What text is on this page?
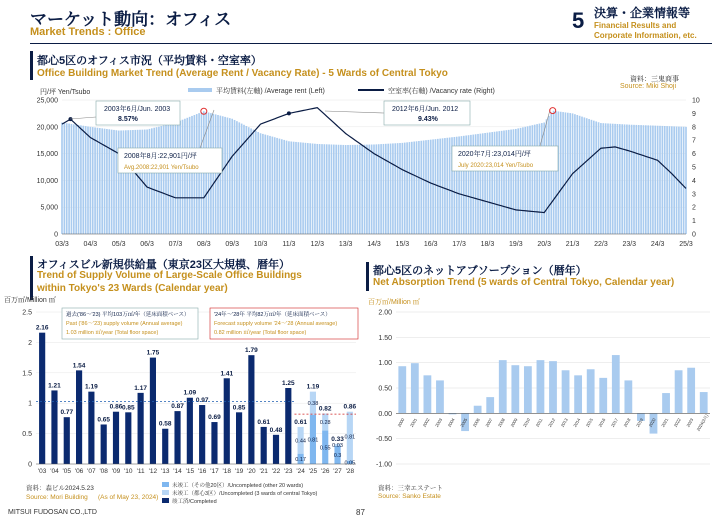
マーケット動向：オフィス
Market Trends : Office	5 決算・企業情報等
Financial Results and
Corporate Information, etc.
都心5区のオフィス市況（平均賃料・空室率）
Office Building Market Trend (Average Rent / Vacancy Rate) - 5 Wards of Central Tokyo
資料：三鬼商事
Source: Miki Shoji
0
5,000
10,000
15,000
20,000
25,000
0
1
2
3
4
5
6
7
8
9
10
03/3 04/3 05/3 06/3 07/3 08/3 09/3 10/3 11/3 12/3 13/3 14/3 15/3 16/3 17/3 18/3 19/3 20/3 21/3 22/3 23/3 24/3 25/3
円/坪 Yen/Tsubo	平均賃料(左軸) /Average rent (Left)	空室率(右軸) /Vacancy rate (Right)
2003年6月/Jun. 2003
8.57%
2012年6月/Jun. 2012
9.43%
2008年8月:22,901円/坪
Avg.2008:22,901 Yen/Tsubo
2020年7月:23,014円/坪
July 2020:23,014 Yen/Tsubo
オフィスビル新規供給量（東京23区大規模、暦年）
Trend of Supply Volume of Large-Scale Office Buildings
within Tokyo's 23 Wards (Calendar year)
都心5区のネットアブソープション（暦年）
Net Absorption Trend (5 wards of Central Tokyo, Calendar year)
百万㎡/Million ㎡
2.16
1.21
0.77
1.54
1.19
0.65
0.86 0.85
1.17
1.75
0.58
0.87
1.09
0.97
0.69
1.41
0.85
1.79
0.61
0.48
1.25
0.17
0.44
0.61
0.81
0.38
1.19
0.55
0.28
0.82
0.3
0.03
0.33
0.05
0.81
0.86
0
0.5
1
1.5
2
2.5
'03 '04 '05 '06 '07 '08 '09 '10 '11 '12 '13 '14 '15 '16 '17 '18 '19 '20 '21 '22 '23 '24 '25 '26 '27 '28
過去('86〜'23) 平均103万㎡/年（延床面積ベース）
Past ('86〜'23) supply volume (Annual average)
1.03 million ㎡/year (Total floor space)
'24年〜'28年 平均82万㎡/年（延床面積ベース）
Forecast supply volume '24〜'28 (Annual average)
0.82 million ㎡/year (Total floor space)
資料：森ビル2024.5.23
Source: Mori Building (As of May 23, 2024)
未竣工（その他20区）/Uncompleted (other 20 wards)
未竣工（都心3区）/Uncompleted (3 wards of central Tokyo)
竣工済/Completed
百万㎡/Million ㎡
-1.00
-0.50
0.00
0.50
1.00
1.50
2.00
2000 2001 2002 2003 2004 2005 2006 2007 2008 2009 2010 2011 2012 2013 2014 2015 2016 2017 2018 2019 2020 2021 2022 2023 2024(3月)
資料：三幸エステート
Source: Sanko Estate
MITSUI FUDOSAN CO.,LTD	87
